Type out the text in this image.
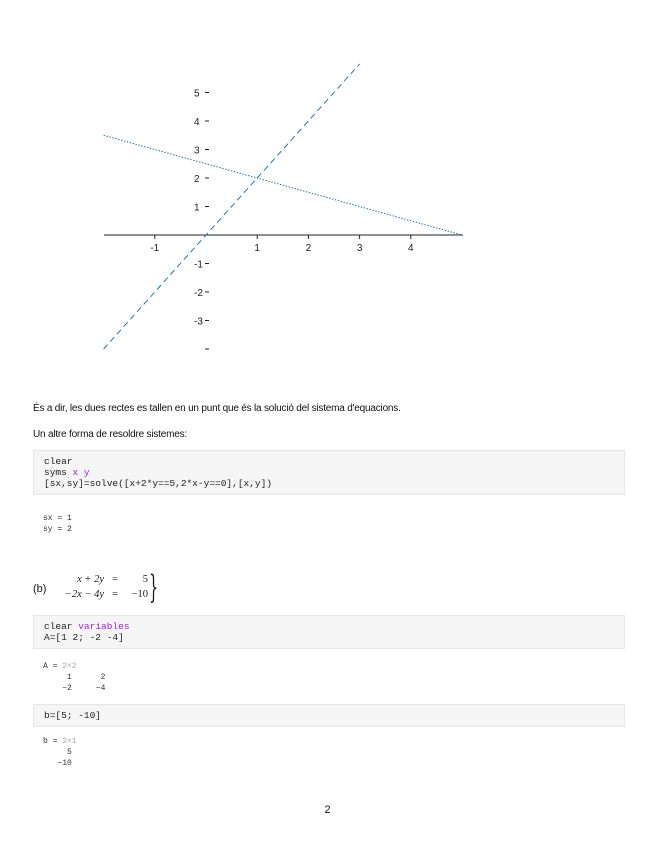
-1	1	2	3	4
5
4
3
2
1
-1
-2
-3
És a dir, les dues rectes es tallen en un punt que és la solució del sistema d'equacions.
Un altre forma de resoldre sistemes:
clear
syms x y
[sx,sy]=solve([x+2*y==5,2*x-y==0],[x,y])
sx = 1
sy = 2
(b)
x + 2y =	5
−2x − 4y =	−10 }
clear variables
A=[1 2; -2 -4]
A = 2×2
1      2
−2     −4
b=[5; -10]
b = 2×1
5
−10
2
